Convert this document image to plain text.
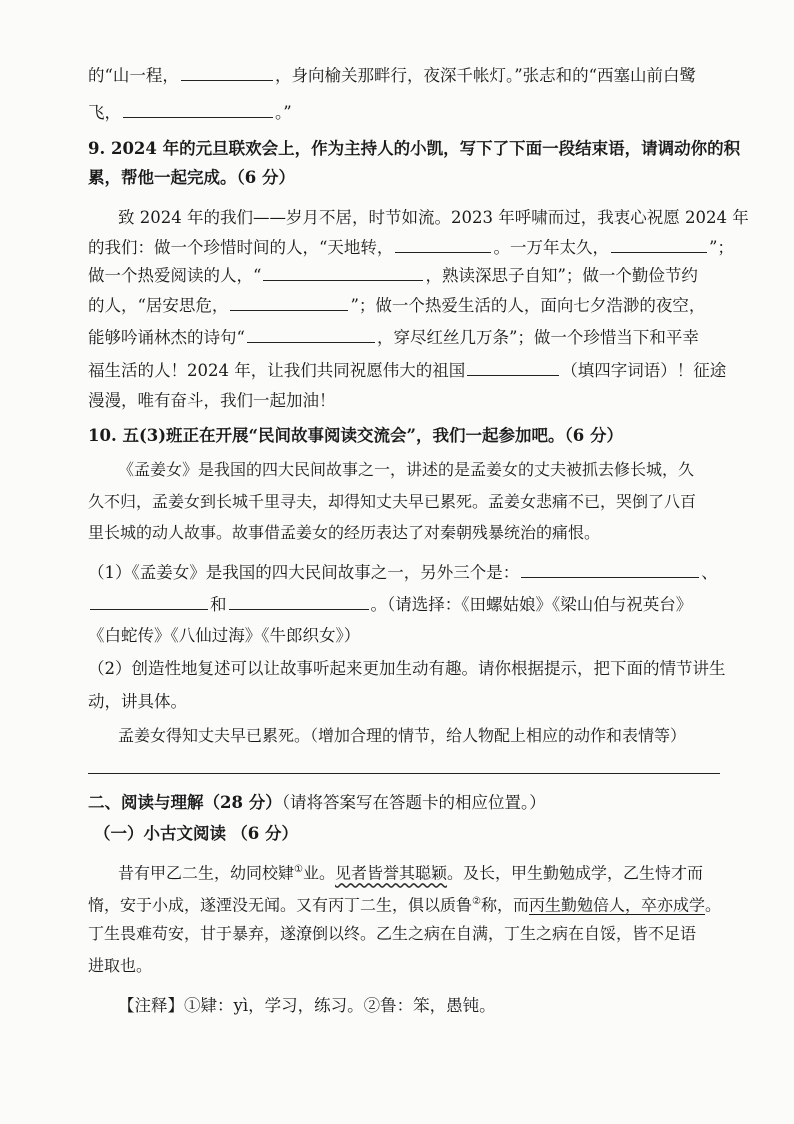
的“山一程，	，身向榆关那畔行，夜深千帐灯。”张志和的“西塞山前白鹭
飞，	。”
9. 2024 年的元旦联欢会上，作为主持人的小凯，写下了下面一段结束语，请调动你的积
累，帮他一起完成。（6 分）
致 2024 年的我们——岁月不居，时节如流。2023 年呼啸而过，我衷心祝愿 2024 年
的我们：做一个珍惜时间的人，“天地转，	。一万年太久，	”；
做一个热爱阅读的人，“	，熟读深思子自知”；做一个勤俭节约
的人，“居安思危，	”；做一个热爱生活的人，面向七夕浩渺的夜空，
能够吟诵林杰的诗句“	，穿尽红丝几万条”；做一个珍惜当下和平幸
福生活的人！2024 年，让我们共同祝愿伟大的祖国	（填四字词语）！征途
漫漫，唯有奋斗，我们一起加油！
10. 五(3)班正在开展“民间故事阅读交流会”，我们一起参加吧。（6 分）
《孟姜女》是我国的四大民间故事之一，讲述的是孟姜女的丈夫被抓去修长城，久
久不归，孟姜女到长城千里寻夫，却得知丈夫早已累死。孟姜女悲痛不已，哭倒了八百
里长城的动人故事。故事借孟姜女的经历表达了对秦朝残暴统治的痛恨。
（1）《孟姜女》是我国的四大民间故事之一，另外三个是：	、
和	。（请选择：《田螺姑娘》《梁山伯与祝英台》
《白蛇传》《八仙过海》《牛郎织女》）
（2）创造性地复述可以让故事听起来更加生动有趣。请你根据提示，把下面的情节讲生
动，讲具体。
孟姜女得知丈夫早已累死。（增加合理的情节，给人物配上相应的动作和表情等）
二、阅读与理解（28 分）（请将答案写在答题卡的相应位置。）
（一）小古文阅读 （6 分）
昔有甲乙二生，幼同校肄①业。见者皆誉其聪颖。及长，甲生勤勉成学，乙生恃才而
惰，安于小成，遂湮没无闻。又有丙丁二生，俱以质鲁②称，而丙生勤勉倍人，卒亦成学。
丁生畏难苟安，甘于暴弃，遂潦倒以终。乙生之病在自满，丁生之病在自馁，皆不足语
进取也。
【注释】①肄：yì，学习，练习。②鲁：笨，愚钝。
